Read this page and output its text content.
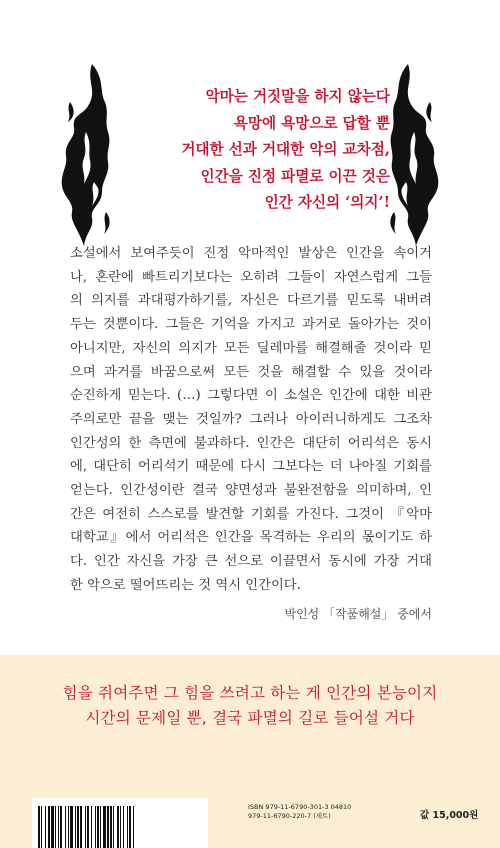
악마는 거짓말을 하지 않는다
욕망에 욕망으로 답할 뿐
거대한 선과 거대한 악의 교차점,
인간을 진정 파멸로 이끈 것은
인간 자신의 ‘의지’!
소설에서 보여주듯이 진정 악마적인 발상은 인간을 속이거
나, 혼란에 빠트리기보다는 오히려 그들이 자연스럽게 그들
의 의지를 과대평가하기를, 자신은 다르기를 믿도록 내버려
두는 것뿐이다. 그들은 기억을 가지고 과거로 돌아가는 것이
아니지만, 자신의 의지가 모든 딜레마를 해결해줄 것이라 믿
으며 과거를 바꿈으로써 모든 것을 해결할 수 있을 것이라
순진하게 믿는다. (…) 그렇다면 이 소설은 인간에 대한 비관
주의로만 끝을 맺는 것일까? 그러나 아이러니하게도 그조차
인간성의 한 측면에 불과하다. 인간은 대단히 어리석은 동시
에, 대단히 어리석기 때문에 다시 그보다는 더 나아질 기회를
얻는다. 인간성이란 결국 양면성과 불완전함을 의미하며, 인
간은 여전히 스스로를 발견할 기회를 가진다. 그것이 『악마
대학교』에서 어리석은 인간을 목격하는 우리의 몫이기도 하
다. 인간 자신을 가장 큰 선으로 이끌면서 동시에 가장 거대
한 악으로 떨어뜨리는 것 역시 인간이다.
박인성 「작품해설」 중에서
힘을 쥐여주면 그 힘을 쓰려고 하는 게 인간의 본능이지
시간의 문제일 뿐, 결국 파멸의 길로 들어설 거다
ISBN 979-11-6790-301-3 04810
979-11-6790-220-7 (세트)	값 15,000원
